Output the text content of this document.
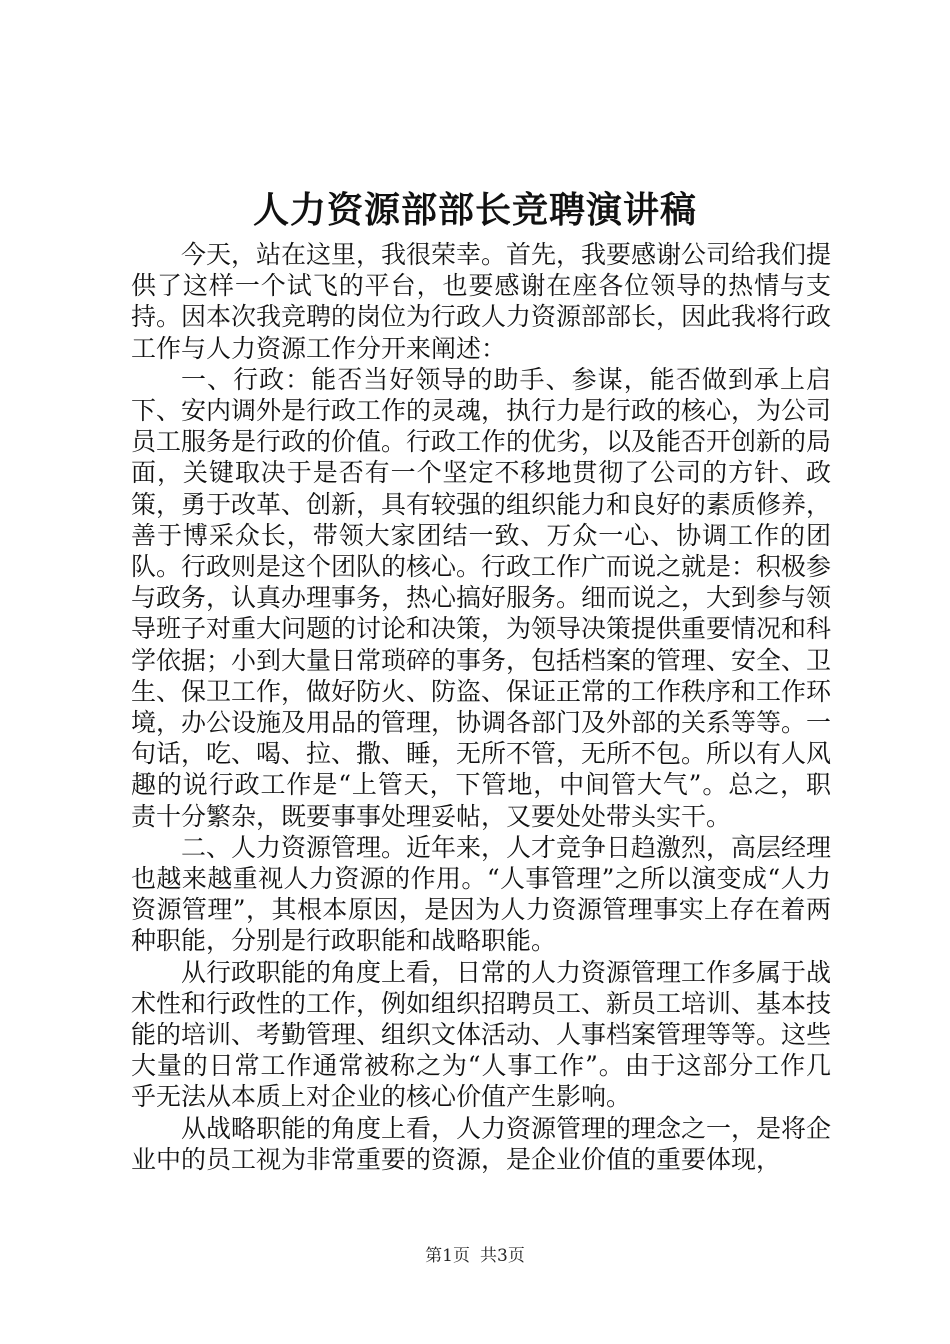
人力资源部部长竞聘演讲稿

今天，站在这里，我很荣幸。首先，我要感谢公司给我们提供了这样一个试飞的平台，也要感谢在座各位领导的热情与支持。因本次我竞聘的岗位为行政人力资源部部长，因此我将行政工作与人力资源工作分开来阐述：

一、行政：能否当好领导的助手、参谋，能否做到承上启下、安内调外是行政工作的灵魂，执行力是行政的核心，为公司员工服务是行政的价值。行政工作的优劣，以及能否开创新的局面，关键取决于是否有一个坚定不移地贯彻了公司的方针、政策，勇于改革、创新，具有较强的组织能力和良好的素质修养，善于博采众长，带领大家团结一致、万众一心、协调工作的团队。行政则是这个团队的核心。行政工作广而说之就是：积极参与政务，认真办理事务，热心搞好服务。细而说之，大到参与领导班子对重大问题的讨论和决策，为领导决策提供重要情况和科学依据；小到大量日常琐碎的事务，包括档案的管理、安全、卫生、保卫工作，做好防火、防盗、保证正常的工作秩序和工作环境，办公设施及用品的管理，协调各部门及外部的关系等等。一句话，吃、喝、拉、撒、睡，无所不管，无所不包。所以有人风趣的说行政工作是“上管天，下管地，中间管大气”。总之，职责十分繁杂，既要事事处理妥帖，又要处处带头实干。

二、人力资源管理。近年来，人才竞争日趋激烈，高层经理也越来越重视人力资源的作用。“人事管理”之所以演变成“人力资源管理”，其根本原因，是因为人力资源管理事实上存在着两种职能，分别是行政职能和战略职能。

从行政职能的角度上看，日常的人力资源管理工作多属于战术性和行政性的工作，例如组织招聘员工、新员工培训、基本技能的培训、考勤管理、组织文体活动、人事档案管理等等。这些大量的日常工作通常被称之为“人事工作”。由于这部分工作几乎无法从本质上对企业的核心价值产生影响。

从战略职能的角度上看，人力资源管理的理念之一，是将企业中的员工视为非常重要的资源，是企业价值的重要体现，

第1页 共3页
